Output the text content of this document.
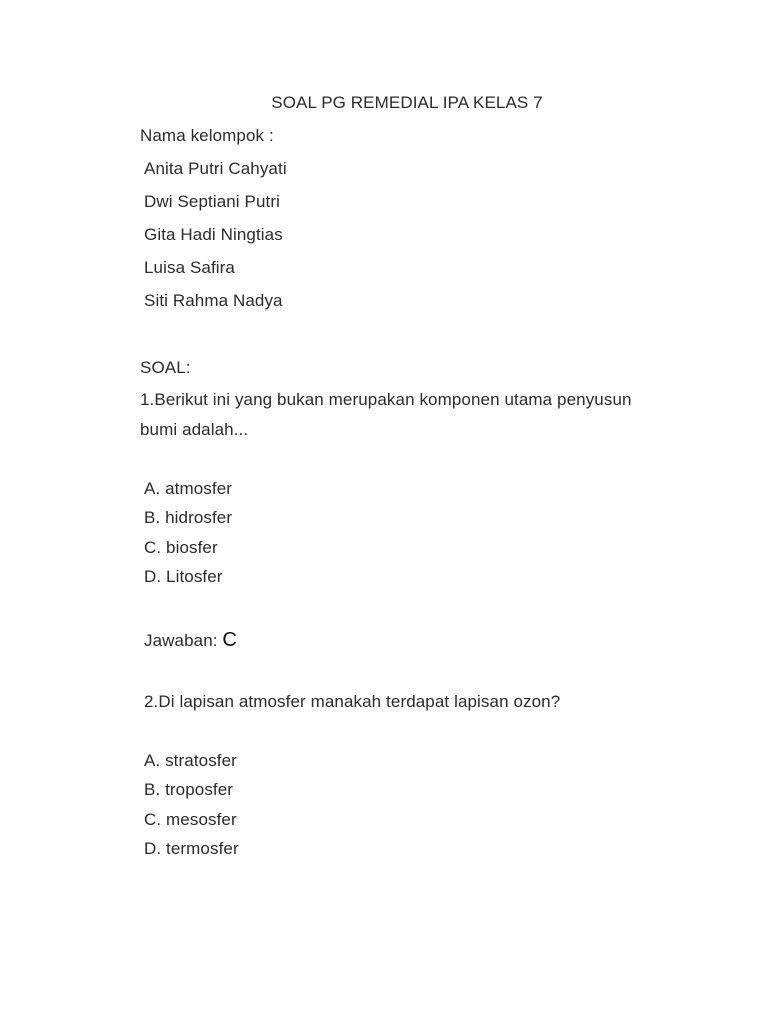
SOAL PG REMEDIAL IPA KELAS 7
Nama kelompok :
Anita Putri Cahyati
Dwi Septiani Putri
Gita Hadi Ningtias
Luisa Safira
Siti Rahma Nadya
SOAL:
1.Berikut ini yang bukan merupakan komponen utama penyusun bumi adalah...
A. atmosfer
B. hidrosfer
C. biosfer
D. Litosfer
Jawaban: C
2.Di lapisan atmosfer manakah terdapat lapisan ozon?
A. stratosfer
B. troposfer
C. mesosfer
D. termosfer
